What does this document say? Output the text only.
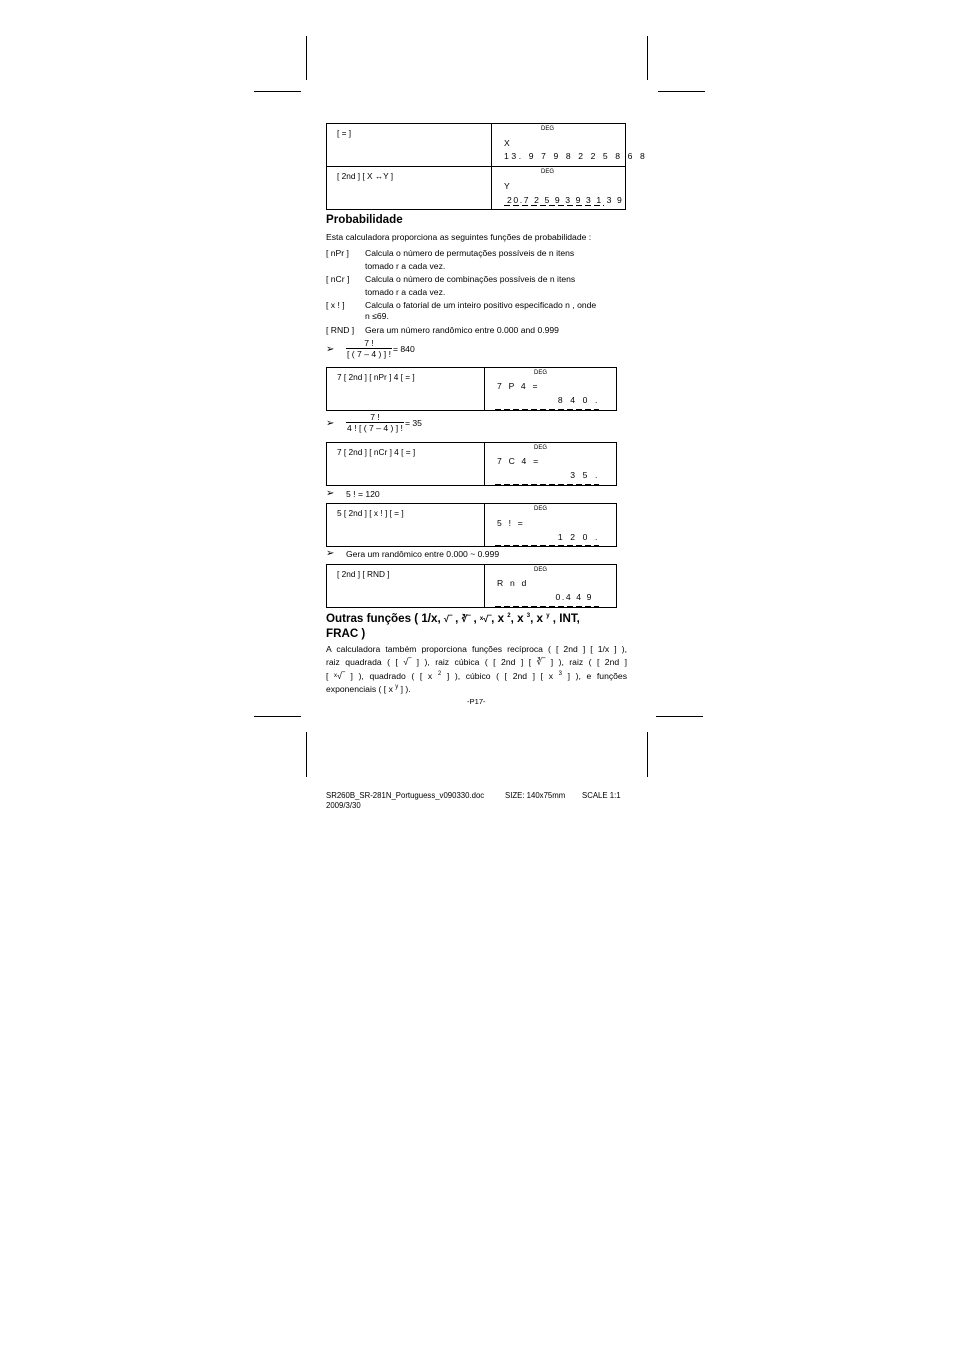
[ = ]	DEG
X
13. 9 7 9 8 2 2 5 8 6 8
[ 2nd ] [ X ↔Y ]	DEG
Y
20.7 2 5 9 3 9 3 1 3 9
Probabilidade
Esta calculadora proporciona as seguintes funções de probabilidade :
[ nPr ] Calcula o número de permutações possíveis de n itens
tomado r a cada vez.
[ nCr ] Calcula o número de combinações possíveis de n itens
tomado r a cada vez.
[ x ! ] Calcula o fatorial de um inteiro positivo especificado n , onde
n ≤69.
[ RND ] Gera um número randômico entre 0.000 and 0.999
➢ $\frac{7 !}{[ ( 7 - 4 ) ] !} = 840$
7 [ 2nd ] [ nPr ] 4 [ = ]	DEG
7 P 4 =
8 4 0 .
➢ $\frac{7 !}{4 ! [ ( 7 - 4 ) ] !} = 35$
7 [ 2nd ] [ nCr ] 4 [ = ]	DEG
7 C 4 =
3 5 .
➢ 5 ! = 120
5 [ 2nd ] [ x ! ] [ = ]	DEG
5 ! =
1 2 0 .
➢ Gera um randômico entre 0.000 ~ 0.999
[ 2nd ] [ RND ]	DEG
R n d
0.4 4 9
Outras funções ( 1/x, √‾ , ∛‾ , ˣ√‾, x $^2$, x $^3$, x $^y$ , INT,
FRAC )
A calculadora também proporciona funções recíproca ( [ 2nd ] [ 1/x ] ),
raiz quadrada ( [ √‾ ] ), raiz cúbica ( [ 2nd ] [ ∛‾ ] ), raiz ( [ 2nd ]
[ ˣ√‾ ] ), quadrado ( [ x $^2$ ] ), cúbico ( [ 2nd ] [ x $^3$ ] ), e funções
exponenciais ( [ x $^y$ ] ).
-P17-
SR260B_SR-281N_Portuguess_v090330.doc	SIZE: 140x75mm SCALE 1:1
2009/3/30
